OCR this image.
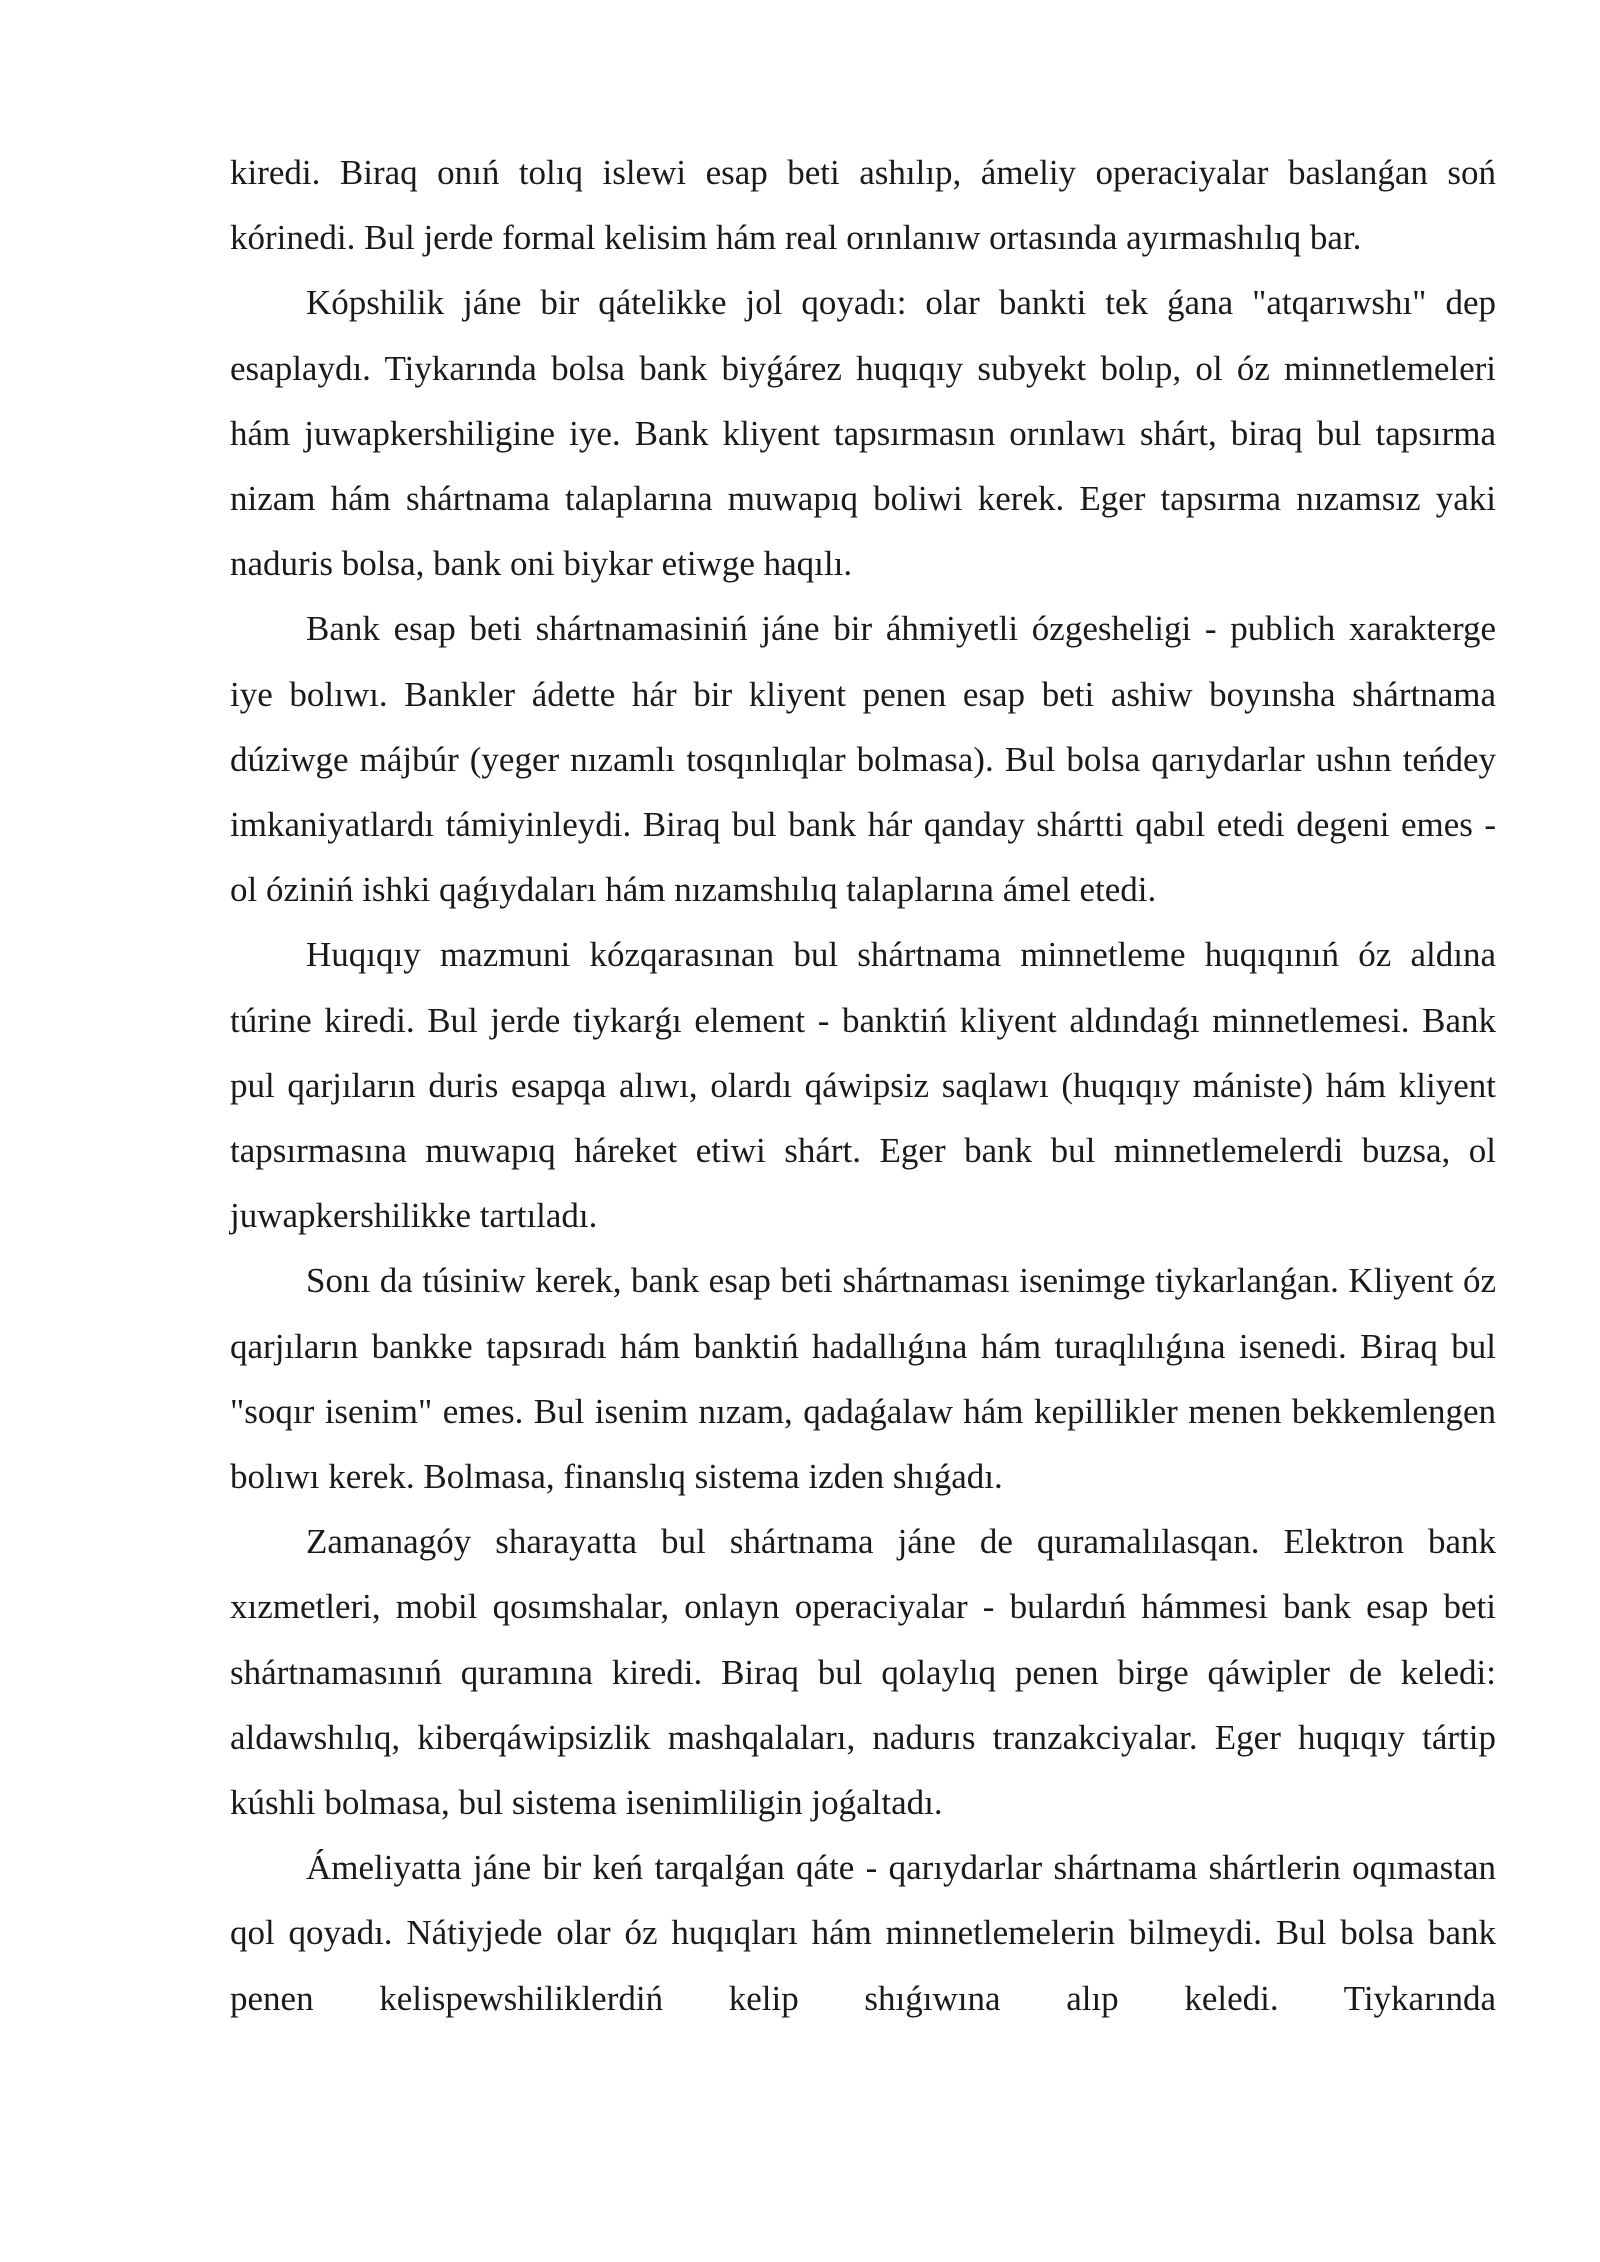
kiredi. Biraq onıń tolıq islewi esap beti ashılıp, ámeliy operaciyalar baslanǵan soń kórinedi. Bul jerde formal kelisim hám real orınlanıw ortasında ayırmashılıq bar.

Kópshilik jáne bir qátelikke jol qoyadı: olar bankti tek ǵana "atqarıwshı" dep esaplaydı. Tiykarında bolsa bank biyǵárez huqıqıy subyekt bolıp, ol óz minnetlemeleri hám juwapkershiligine iye. Bank kliyent tapsırmasın orınlawı shárt, biraq bul tapsırma nizam hám shártnama talaplarına muwapıq boliwi kerek. Eger tapsırma nızamsız yaki naduris bolsa, bank oni biykar etiwge haqılı.

Bank esap beti shártnamasiniń jáne bir áhmiyetli ózgesheligi - publich xarakterge iye bolıwı. Bankler ádette hár bir kliyent penen esap beti ashiw boyınsha shártnama dúziwge májbúr (yeger nızamlı tosqınlıqlar bolmasa). Bul bolsa qarıydarlar ushın teńdey imkaniyatlardı támiyinleydi. Biraq bul bank hár qanday shártti qabıl etedi degeni emes - ol óziniń ishki qaǵıydaları hám nızamshılıq talaplarına ámel etedi.

Huqıqıy mazmuni kózqarasınan bul shártnama minnetleme huqıqınıń óz aldına túrine kiredi. Bul jerde tiykarǵı element - banktiń kliyent aldındaǵı minnetlemesi. Bank pul qarjıların duris esapqa alıwı, olardı qáwipsiz saqlawı (huqıqıy mániste) hám kliyent tapsırmasına muwapıq háreket etiwi shárt. Eger bank bul minnetlemelerdi buzsa, ol juwapkershilikke tartıladı.

Sonı da túsiniw kerek, bank esap beti shártnaması isenimge tiykarlanǵan. Kliyent óz qarjıların bankke tapsıradı hám banktiń hadallıǵına hám turaqlılıǵına isenedi. Biraq bul "soqır isenim" emes. Bul isenim nızam, qadaǵalaw hám kepillikler menen bekkemlengen bolıwı kerek. Bolmasa, finanslıq sistema izden shıǵadı.

Zamanagóy sharayatta bul shártnama jáne de quramalılasqan. Elektron bank xızmetleri, mobil qosımshalar, onlayn operaciyalar - bulardıń hámmesi bank esap beti shártnamasınıń quramına kiredi. Biraq bul qolaylıq penen birge qáwipler de keledi: aldawshılıq, kiberqáwipsizlik mashqalaları, nadurıs tranzakciyalar. Eger huqıqıy tártip kúshli bolmasa, bul sistema isenimliligin joǵaltadı.

Ámeliyatta jáne bir keń tarqalǵan qáte - qarıydarlar shártnama shártlerin oqımastan qol qoyadı. Nátiyjede olar óz huqıqları hám minnetlemelerin bilmeydi. Bul bolsa bank penen kelispewshiliklerdiń kelip shıǵıwına alıp keledi. Tiykarında
